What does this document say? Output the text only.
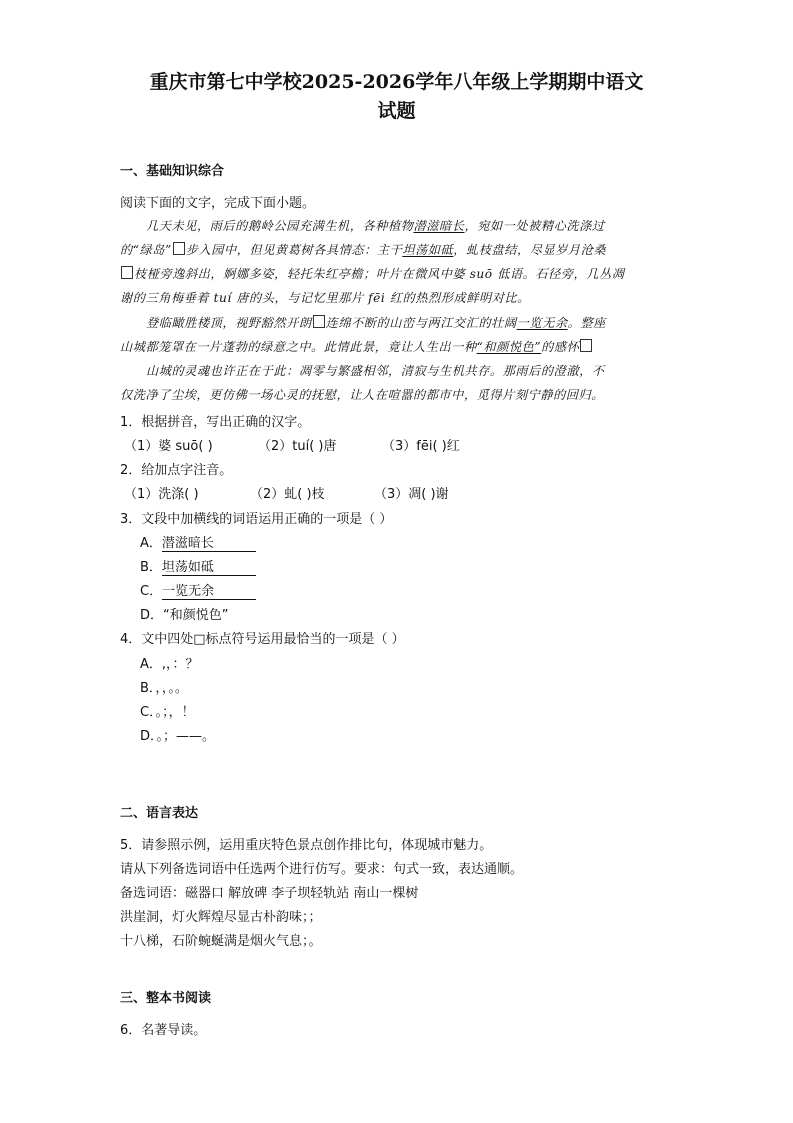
重庆市第七中学校2025-2026学年八年级上学期期中语文
试题
一、基础知识综合
阅读下面的文字，完成下面小题。
几天未见，雨后的鹅岭公园充满生机，各种植物潜滋暗长，宛如一处被精心洗涤过
的“绿岛” 步入园中，但见黄葛树各具情态：主干坦荡如砥，虬枝盘结，尽显岁月沧桑
枝桠旁逸斜出，婀娜多姿，轻托朱红亭檐；叶片在微风中婆 suō 低语。石径旁，几丛凋
谢的三角梅垂着 tuí 唐的头，与记忆里那片 fēi 红的热烈形成鲜明对比。
登临瞰胜楼顶，视野豁然开朗 连绵不断的山峦与两江交汇的壮阔一览无余。整座
山城都笼罩在一片蓬勃的绿意之中。此情此景，竟让人生出一种“和颜悦色”的感怀
山城的灵魂也许正在于此：凋零与繁盛相邻，清寂与生机共存。那雨后的澄澈，不
仅洗净了尘埃，更仿佛一场心灵的抚慰，让人在喧嚣的都市中，觅得片刻宁静的回归。
1．根据拼音，写出正确的汉字。
（1）婆 suō( )	（2）tuí( )唐	（3）fēi( )红
2．给加点字注音。
（1）洗涤( )	（2）虬( )枝	（3）凋( )谢
3．文段中加横线的词语运用正确的一项是（ ）
A．潜滋暗长
B．坦荡如砥
C．一览无余
D．“和颜悦色”
4．文中四处□标点符号运用最恰当的一项是（ ）
A．,，：？
B．，，。。
C．。；，！
D．。；——。
二、语言表达
5．请参照示例，运用重庆特色景点创作排比句，体现城市魅力。
请从下列备选词语中任选两个进行仿写。要求：句式一致，表达通顺。
备选词语：磁器口 解放碑 李子坝轻轨站 南山一棵树
洪崖洞，灯火辉煌尽显古朴韵味；；
十八梯，石阶蜿蜒满是烟火气息；。
三、整本书阅读
6．名著导读。
